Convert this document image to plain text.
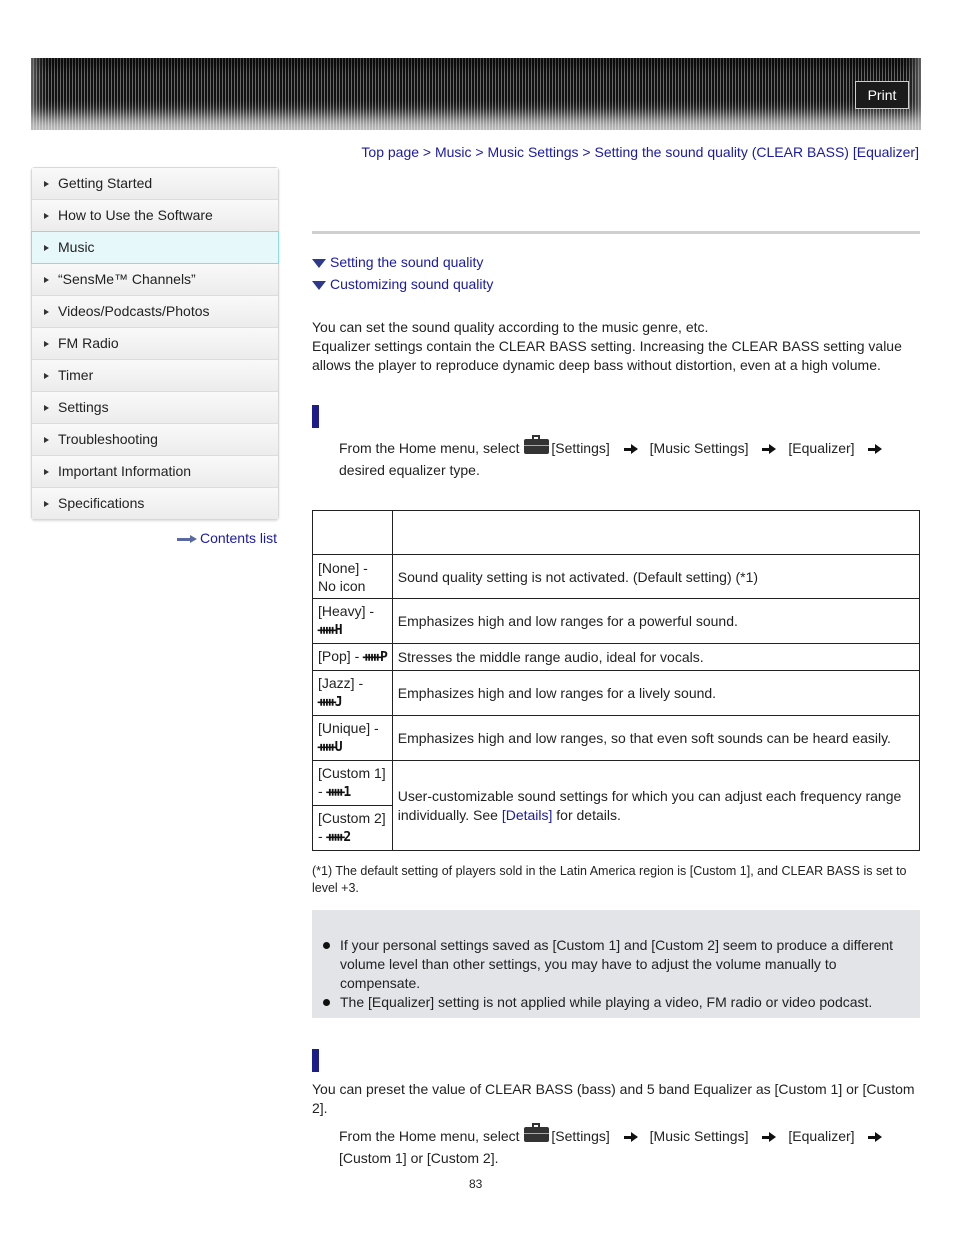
Print
Top page > Music > Music Settings > Setting the sound quality (CLEAR BASS) [Equalizer]
Getting Started
How to Use the Software
Music
“SensMe™ Channels”
Videos/Podcasts/Photos
FM Radio
Timer
Settings
Troubleshooting
Important Information
Specifications
Contents list
Setting the sound quality
Customizing sound quality
You can set the sound quality according to the music genre, etc.
Equalizer settings contain the CLEAR BASS setting. Increasing the CLEAR BASS setting value allows the player to reproduce dynamic deep bass without distortion, even at a high volume.
From the Home menu, select [Settings]	[Music Settings]	[Equalizer] desired equalizer type.

[None] - No icon	Sound quality setting is not activated. (Default setting) (*1)
[Heavy] -
ᚔH	Emphasizes high and low ranges for a powerful sound.
[Pop] - ᚔP	Stresses the middle range audio, ideal for vocals.
[Jazz] -
ᚔJ	Emphasizes high and low ranges for a lively sound.
[Unique] -
ᚔU	Emphasizes high and low ranges, so that even soft sounds can be heard easily.
[Custom 1] - ᚔ1	User-customizable sound settings for which you can adjust each frequency range individually. See [Details] for details.
[Custom 2] - ᚔ2	
(*1) The default setting of players sold in the Latin America region is [Custom 1], and CLEAR BASS is set to level +3.
If your personal settings saved as [Custom 1] and [Custom 2] seem to produce a different volume level than other settings, you may have to adjust the volume manually to compensate.
The [Equalizer] setting is not applied while playing a video, FM radio or video podcast.
You can preset the value of CLEAR BASS (bass) and 5 band Equalizer as [Custom 1] or [Custom 2].
From the Home menu, select [Settings]	[Music Settings]	[Equalizer]
[Custom 1] or [Custom 2].
83
